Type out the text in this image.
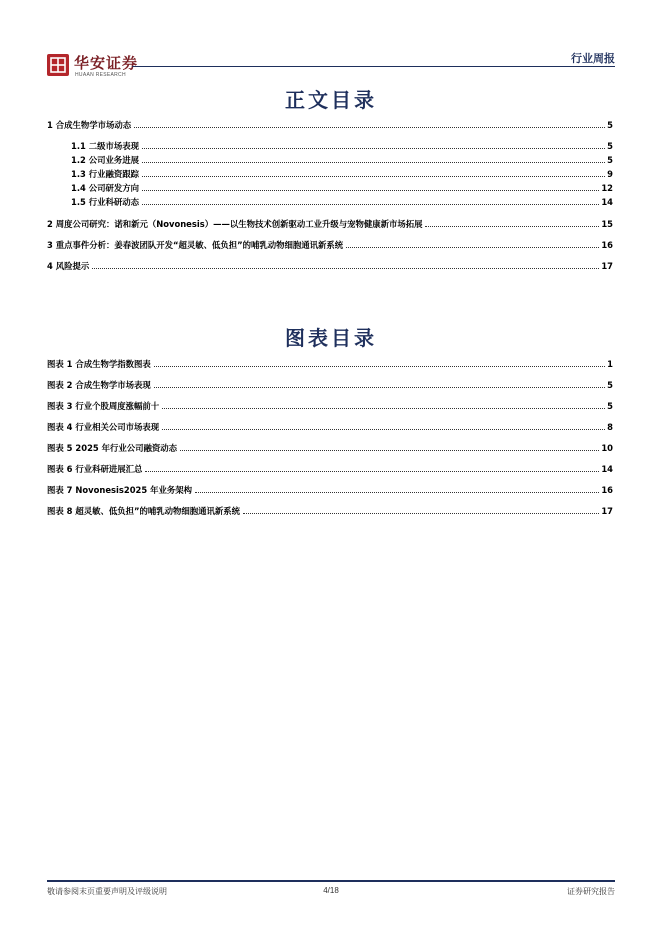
华安证券
HUAAN RESEARCH
行业周报
正文目录
1 合成生物学市场动态	5
1.1 二级市场表现	5
1.2 公司业务进展	5
1.3 行业融资跟踪	9
1.4 公司研发方向	12
1.5 行业科研动态	14
2 周度公司研究：诺和新元（Novonesis）——以生物技术创新驱动工业升级与宠物健康新市场拓展	15
3 重点事件分析：姜春波团队开发“超灵敏、低负担”的哺乳动物细胞通讯新系统	16
4 风险提示	17
图表目录
图表 1 合成生物学指数图表	1
图表 2 合成生物学市场表现	5
图表 3 行业个股周度涨幅前十	5
图表 4 行业相关公司市场表现	8
图表 5 2025 年行业公司融资动态	10
图表 6 行业科研进展汇总	14
图表 7 Novonesis2025 年业务架构	16
图表 8 超灵敏、低负担”的哺乳动物细胞通讯新系统	17
敬请参阅末页重要声明及评级说明	4/18	证券研究报告
